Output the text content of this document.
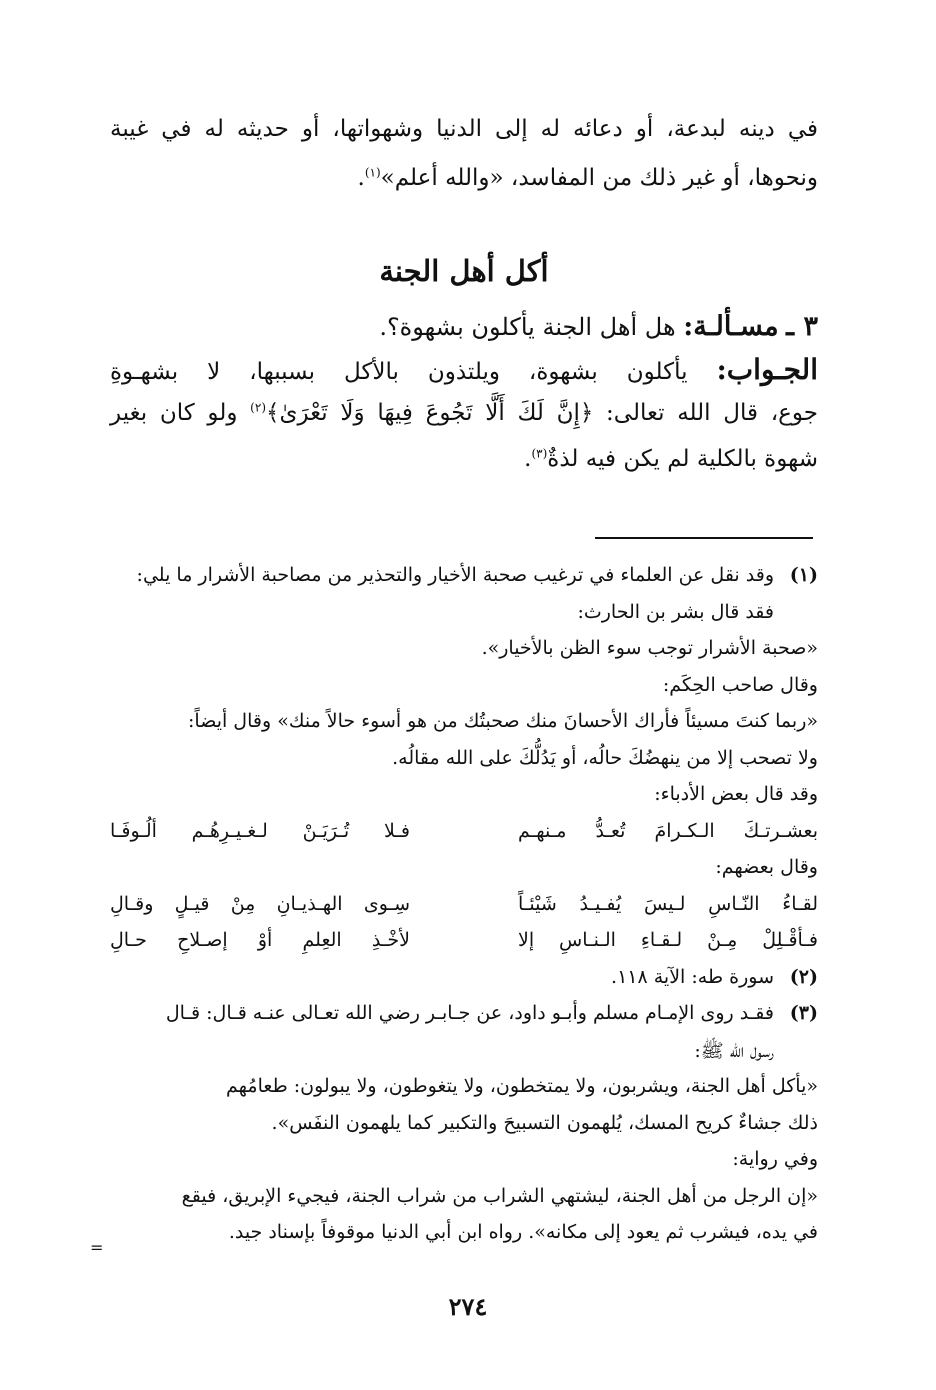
في دينه لبدعة، أو دعائه له إلى الدنيا وشهواتها، أو حديثه له في غيبة
ونحوها، أو غير ذلك من المفاسد، «والله أعلم»$^{(١)}$.
أكل أهل الجنة
٣ ـ مسـألـة: هل أهل الجنة يأكلون بشهوة؟.
الجـواب: يأكلون بشهوة، ويلتذون بالأكل بسببها، لا بشهـوةِ
جوع، قال الله تعالى: ﴿إِنَّ لَكَ أَلَّا تَجُوعَ فِيهَا وَلَا تَعْرَىٰ﴾$^{(٢)}$ ولو كان بغير
شهوة بالكلية لم يكن فيه لذةٌ$^{(٣)}$.
(١)وقد نقل عن العلماء في ترغيب صحبة الأخيار والتحذير من مصاحبة الأشرار ما يلي:
فقد قال بشر بن الحارث:
«صحبة الأشرار توجب سوء الظن بالأخيار».
وقال صاحب الحِكَم:
«ربما كنتَ مسيئاً فأراك الأحسانَ منك صحبتُك من هو أسوء حالاً منك» وقال أيضاً:
ولا تصحب إلا من ينهضُكَ حالُه، أو يَدُلُّكَ على الله مقالُه.
وقد قال بعض الأدباء:
بعشـرتـكَ الـكـرامَ تُعـدُّ مـنهـم
فـلا تُـرَيَـنْ لـغـيـرِهُـم ألُـوفَـا
وقال بعضهم:
لقـاءُ النّـاسِ لـيسَ يُفـيـدُ شَيْئـاً
سِـوى الهـذيـانِ مِنْ قيـلٍ وقـالِ
فـأقْـلِلْ مِـنْ لـقـاءِ الـنـاسِ إلا
لأخْـذِ العِلمِ أوْ إصـلاحِ حـالِ
(٢)سورة طه: الآية ١١٨.
(٣)فقـد روى الإمـام مسلم وأبـو داود، عن جـابـر رضي الله تعـالى عنـه قـال: قـال
رسول الله ﷺ:
«يأكل أهل الجنة، ويشربون، ولا يمتخطون، ولا يتغوطون، ولا يبولون: طعامُهم
ذلك جشاءٌ كريح المسك، يُلهمون التسبيحَ والتكبير كما يلهمون النفَس».
وفي رواية:
«إن الرجل من أهل الجنة، ليشتهي الشراب من شراب الجنة، فيجيء الإبريق، فيقع
في يده، فيشرب ثم يعود إلى مكانه». رواه ابن أبي الدنيا موقوفاً بإسناد جيد.
=
٢٧٤
